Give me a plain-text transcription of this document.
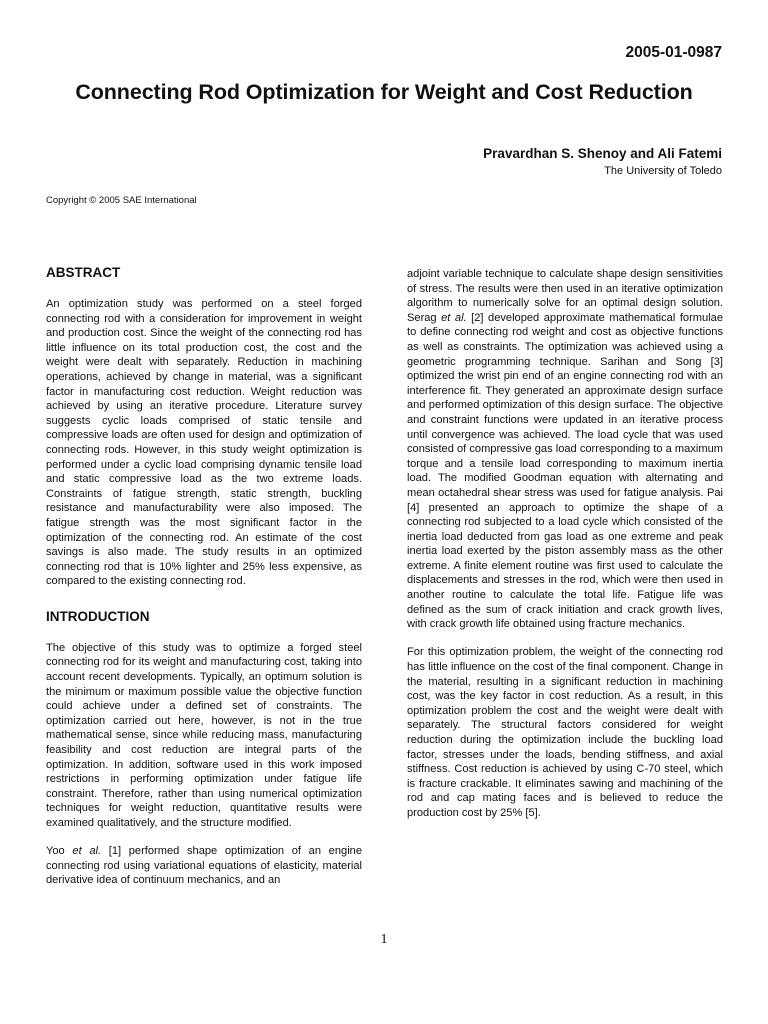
2005-01-0987
Connecting Rod Optimization for Weight and Cost Reduction
Pravardhan S. Shenoy and Ali Fatemi
The University of Toledo
Copyright © 2005 SAE International
ABSTRACT

An optimization study was performed on a steel forged connecting rod with a consideration for improvement in weight and production cost. Since the weight of the connecting rod has little influence on its total production cost, the cost and the weight were dealt with separately. Reduction in machining operations, achieved by change in material, was a significant factor in manufacturing cost reduction. Weight reduction was achieved by using an iterative procedure. Literature survey suggests cyclic loads comprised of static tensile and compressive loads are often used for design and optimization of connecting rods. However, in this study weight optimization is performed under a cyclic load comprising dynamic tensile load and static compressive load as the two extreme loads. Constraints of fatigue strength, static strength, buckling resistance and manufacturability were also imposed. The fatigue strength was the most significant factor in the optimization of the connecting rod. An estimate of the cost savings is also made. The study results in an optimized connecting rod that is 10% lighter and 25% less expensive, as compared to the existing connecting rod.

INTRODUCTION

The objective of this study was to optimize a forged steel connecting rod for its weight and manufacturing cost, taking into account recent developments. Typically, an optimum solution is the minimum or maximum possible value the objective function could achieve under a defined set of constraints. The optimization carried out here, however, is not in the true mathematical sense, since while reducing mass, manufacturing feasibility and cost reduction are integral parts of the optimization. In addition, software used in this work imposed restrictions in performing optimization under fatigue life constraint. Therefore, rather than using numerical optimization techniques for weight reduction, quantitative results were examined qualitatively, and the structure modified.

Yoo et al. [1] performed shape optimization of an engine connecting rod using variational equations of elasticity, material derivative idea of continuum mechanics, and an

adjoint variable technique to calculate shape design sensitivities of stress. The results were then used in an iterative optimization algorithm to numerically solve for an optimal design solution. Serag et al. [2] developed approximate mathematical formulae to define connecting rod weight and cost as objective functions as well as constraints. The optimization was achieved using a geometric programming technique. Sarihan and Song [3] optimized the wrist pin end of an engine connecting rod with an interference fit. They generated an approximate design surface and performed optimization of this design surface. The objective and constraint functions were updated in an iterative process until convergence was achieved. The load cycle that was used consisted of compressive gas load corresponding to a maximum torque and a tensile load corresponding to maximum inertia load. The modified Goodman equation with alternating and mean octahedral shear stress was used for fatigue analysis. Pai [4] presented an approach to optimize the shape of a connecting rod subjected to a load cycle which consisted of the inertia load deducted from gas load as one extreme and peak inertia load exerted by the piston assembly mass as the other extreme. A finite element routine was first used to calculate the displacements and stresses in the rod, which were then used in another routine to calculate the total life. Fatigue life was defined as the sum of crack initiation and crack growth lives, with crack growth life obtained using fracture mechanics.

For this optimization problem, the weight of the connecting rod has little influence on the cost of the final component. Change in the material, resulting in a significant reduction in machining cost, was the key factor in cost reduction. As a result, in this optimization problem the cost and the weight were dealt with separately. The structural factors considered for weight reduction during the optimization include the buckling load factor, stresses under the loads, bending stiffness, and axial stiffness. Cost reduction is achieved by using C-70 steel, which is fracture crackable. It eliminates sawing and machining of the rod and cap mating faces and is believed to reduce the production cost by 25% [5].

1
